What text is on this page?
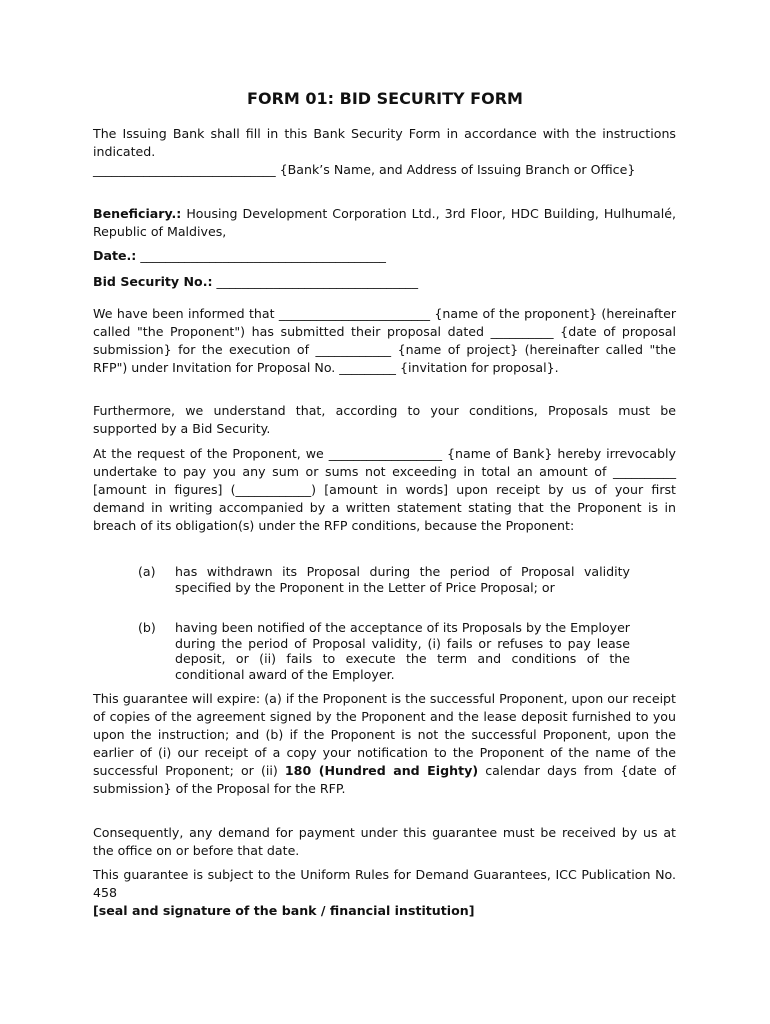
FORM 01: BID SECURITY FORM
The Issuing Bank shall fill in this Bank Security Form in accordance with the instructions indicated.
_____________________________ {Bank’s Name, and Address of Issuing Branch or Office}
Beneficiary.: Housing Development Corporation Ltd., 3rd Floor, HDC Building, Hulhumalé, Republic of Maldives,
Date.: _______________________________________
Bid Security No.: ________________________________
We have been informed that ________________________ {name of the proponent} (hereinafter called "the Proponent") has submitted their proposal dated __________ {date of proposal submission} for the execution of ____________ {name of project} (hereinafter called "the RFP") under Invitation for Proposal No. _________ {invitation for proposal}.
Furthermore, we understand that, according to your conditions, Proposals must be supported by a Bid Security.
At the request of the Proponent, we __________________ {name of Bank} hereby irrevocably undertake to pay you any sum or sums not exceeding in total an amount of __________ [amount in figures] (____________) [amount in words] upon receipt by us of your first demand in writing accompanied by a written statement stating that the Proponent is in breach of its obligation(s) under the RFP conditions, because the Proponent:
(a) has withdrawn its Proposal during the period of Proposal validity specified by the Proponent in the Letter of Price Proposal; or
(b) having been notified of the acceptance of its Proposals by the Employer during the period of Proposal validity, (i) fails or refuses to pay lease deposit, or (ii) fails to execute the term and conditions of the conditional award of the Employer.
This guarantee will expire: (a) if the Proponent is the successful Proponent, upon our receipt of copies of the agreement signed by the Proponent and the lease deposit furnished to you upon the instruction; and (b) if the Proponent is not the successful Proponent, upon the earlier of (i) our receipt of a copy your notification to the Proponent of the name of the successful Proponent; or (ii) 180 (Hundred and Eighty) calendar days from {date of submission} of the Proposal for the RFP.
Consequently, any demand for payment under this guarantee must be received by us at the office on or before that date.
This guarantee is subject to the Uniform Rules for Demand Guarantees, ICC Publication No. 458
[seal and signature of the bank / financial institution]
